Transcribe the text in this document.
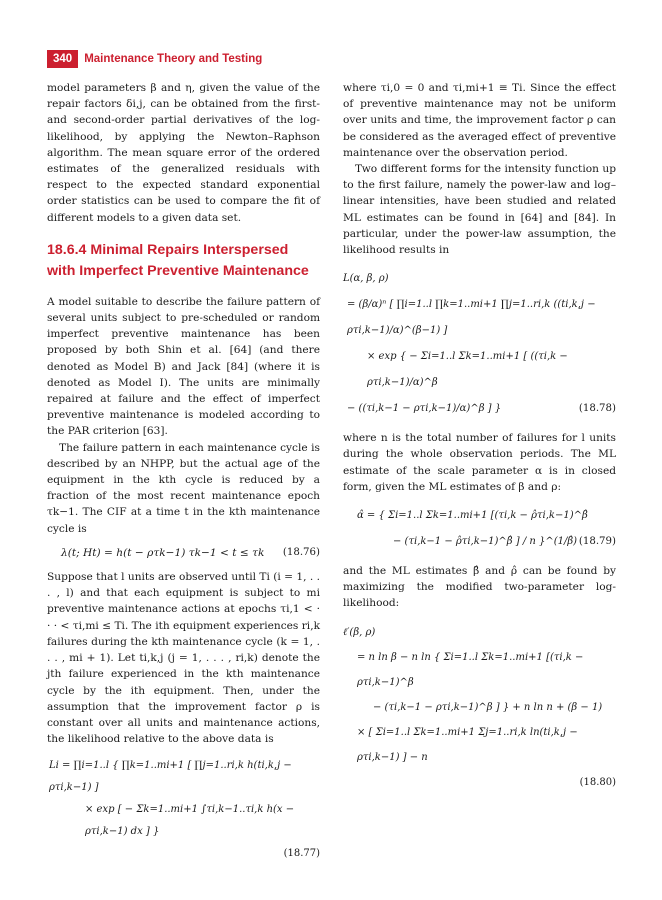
340	Maintenance Theory and Testing

model parameters β and η, given the value of the repair factors δi,j, can be obtained from the first- and second-order partial derivatives of the log-likelihood, by applying the Newton–Raphson algorithm. The mean square error of the ordered estimates of the generalized residuals with respect to the expected standard exponential order statistics can be used to compare the fit of different models to a given data set.

18.6.4 Minimal Repairs Interspersed
with Imperfect Preventive Maintenance

A model suitable to describe the failure pattern of several units subject to pre-scheduled or random imperfect preventive maintenance has been proposed by both Shin et al. [64] (and there denoted as Model B) and Jack [84] (where it is denoted as Model I). The units are minimally repaired at failure and the effect of imperfect preventive maintenance is modeled according to the PAR criterion [63].

The failure pattern in each maintenance cycle is described by an NHPP, but the actual age of the equipment in the kth cycle is reduced by a fraction of the most recent maintenance epoch τk−1. The CIF at a time t in the kth maintenance cycle is

λ(t; Ht) = h(t − ρτk−1) τk−1 < t ≤ τk (18.76)

Suppose that l units are observed until Ti (i = 1, . . . , l) and that each equipment is subject to mi preventive maintenance actions at epochs τi,1 < · · · < τi,mi ≤ Ti. The ith equipment experiences ri,k failures during the kth maintenance cycle (k = 1, . . . , mi + 1). Let ti,k,j (j = 1, . . . , ri,k) denote the jth failure experienced in the kth maintenance cycle by the ith equipment. Then, under the assumption that the improvement factor ρ is constant over all units and maintenance actions, the likelihood relative to the above data is

Li = ∏i=1..l { ∏k=1..mi+1 [ ∏j=1..ri,k h(ti,k,j − ρτi,k−1) ]
× exp [ − Σk=1..mi+1 ∫τi,k−1..τi,k h(x − ρτi,k−1) dx ] }
(18.77)

where τi,0 = 0 and τi,mi+1 ≡ Ti. Since the effect of preventive maintenance may not be uniform over units and time, the improvement factor ρ can be considered as the averaged effect of preventive maintenance over the observation period.

Two different forms for the intensity function up to the first failure, namely the power-law and log–linear intensities, have been studied and related ML estimates can be found in [64] and [84]. In particular, under the power-law assumption, the likelihood results in

L(α, β, ρ)
= (β/α)ⁿ [ ∏i=1..l ∏k=1..mi+1 ∏j=1..ri,k ((ti,k,j − ρτi,k−1)/α)^(β−1) ]
× exp { − Σi=1..l Σk=1..mi+1 [ ((τi,k − ρτi,k−1)/α)^β
− ((τi,k−1 − ρτi,k−1)/α)^β ] }	(18.78)

where n is the total number of failures for l units during the whole observation periods. The ML estimate of the scale parameter α is in closed form, given the ML estimates of β and ρ:

α̂ = { Σi=1..l Σk=1..mi+1 [(τi,k − ρ̂τi,k−1)^β̂
− (τi,k−1 − ρ̂τi,k−1)^β̂ ] / n }^(1/β̂) (18.79)

and the ML estimates β̂ and ρ̂ can be found by maximizing the modified two-parameter log-likelihood:

ℓ′(β, ρ)
= n ln β − n ln { Σi=1..l Σk=1..mi+1 [(τi,k − ρτi,k−1)^β
− (τi,k−1 − ρτi,k−1)^β ] } + n ln n + (β − 1)
× [ Σi=1..l Σk=1..mi+1 Σj=1..ri,k ln(ti,k,j − ρτi,k−1) ] − n
(18.80)
